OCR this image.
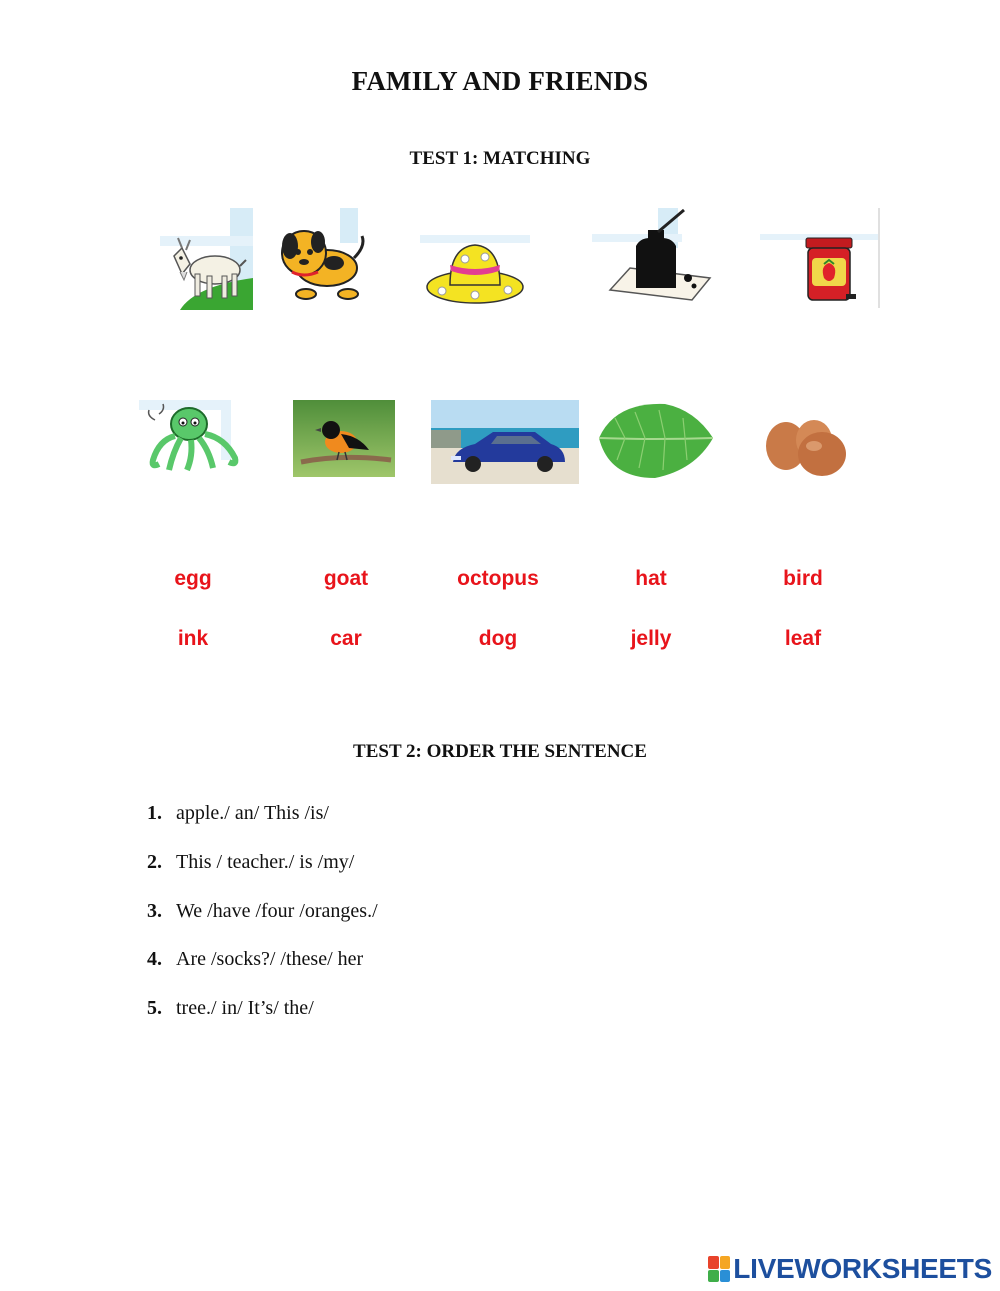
FAMILY AND FRIENDS
TEST 1: MATCHING
egg	goat	octopus	hat	bird
ink	car	dog	jelly	leaf
TEST 2: ORDER THE SENTENCE
1. apple./ an/ This /is/
2. This / teacher./ is /my/
3. We /have /four /oranges./
4. Are /socks?/ /these/ her
5. tree./ in/ It’s/ the/
LIVEWORKSHEETS
